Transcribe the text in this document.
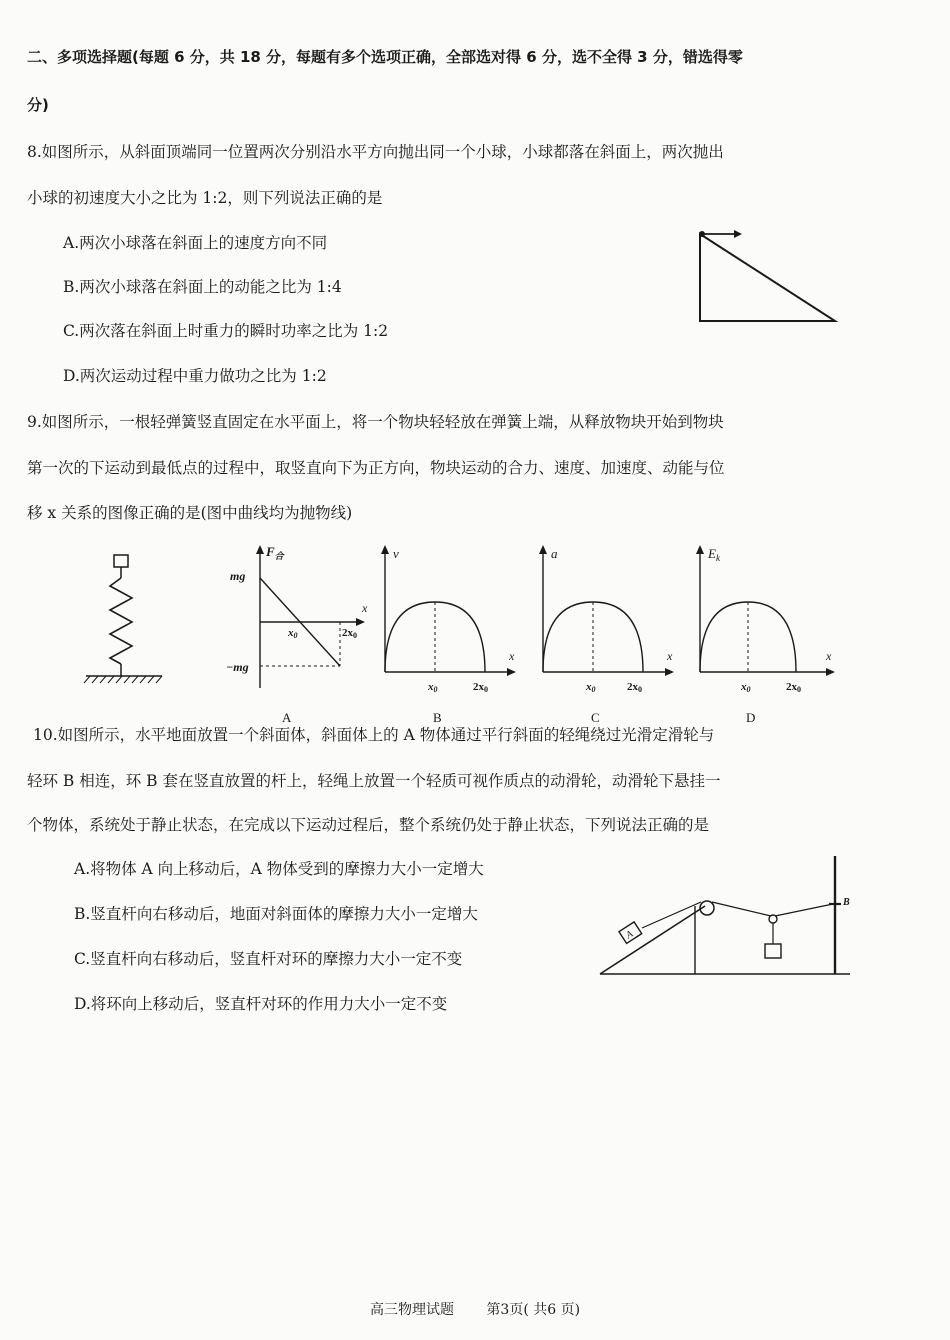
二、多项选择题(每题 6 分，共 18 分，每题有多个选项正确，全部选对得 6 分，选不全得 3 分，错选得零
分)
8.如图所示，从斜面顶端同一位置两次分别沿水平方向抛出同一个小球，小球都落在斜面上，两次抛出
小球的初速度大小之比为 1:2，则下列说法正确的是
A.两次小球落在斜面上的速度方向不同
B.两次小球落在斜面上的动能之比为 1:4
C.两次落在斜面上时重力的瞬时功率之比为 1:2
D.两次运动过程中重力做功之比为 1:2
9.如图所示，一根轻弹簧竖直固定在水平面上，将一个物块轻轻放在弹簧上端，从释放物块开始到物块
第一次的下运动到最低点的过程中，取竖直向下为正方向，物块运动的合力、速度、加速度、动能与位
移 x 关系的图像正确的是(图中曲线均为抛物线)
$F_合$
mg
−mg
x0	2x0
x
A
v
x0	2x0
x
B
a
x0	2x0
x
C
$E_k$
x0	2x0
x
D
10.如图所示，水平地面放置一个斜面体，斜面体上的 A 物体通过平行斜面的轻绳绕过光滑定滑轮与
轻环 B 相连，环 B 套在竖直放置的杆上，轻绳上放置一个轻质可视作质点的动滑轮，动滑轮下悬挂一
个物体，系统处于静止状态，在完成以下运动过程后，整个系统仍处于静止状态，下列说法正确的是
A.将物体 A 向上移动后，A 物体受到的摩擦力大小一定增大
B.竖直杆向右移动后，地面对斜面体的摩擦力大小一定增大
C.竖直杆向右移动后，竖直杆对环的摩擦力大小一定不变
D.将环向上移动后，竖直杆对环的作用力大小一定不变
A
B
高三物理试题 第3页( 共6 页)
